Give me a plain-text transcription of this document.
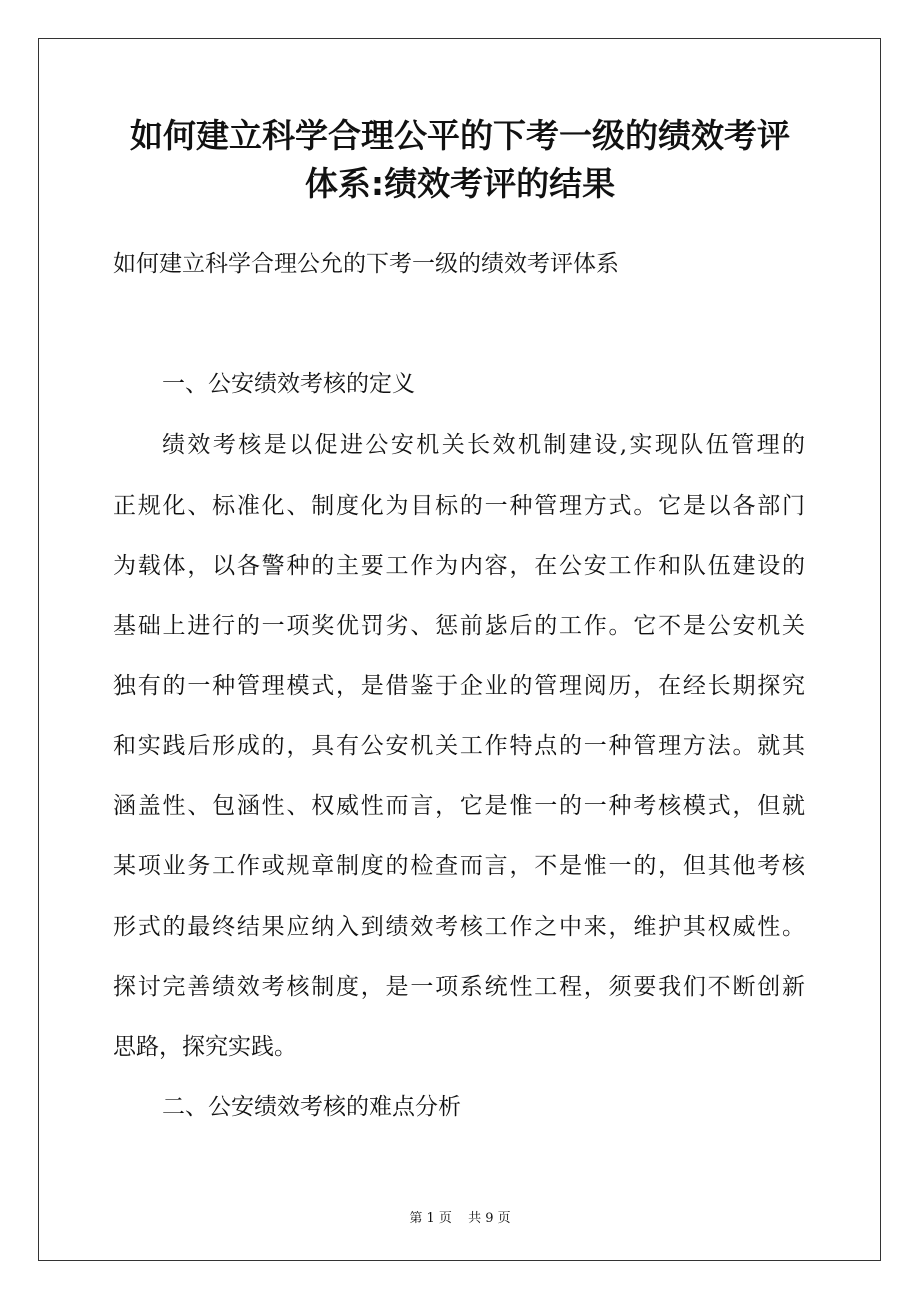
如何建立科学合理公平的下考一级的绩效考评
体系:绩效考评的结果
如何建立科学合理公允的下考一级的绩效考评体系
一、公安绩效考核的定义
绩效考核是以促进公安机关长效机制建设,实现队伍管理的
正规化、标准化、制度化为目标的一种管理方式。它是以各部门
为载体，以各警种的主要工作为内容，在公安工作和队伍建设的
基础上进行的一项奖优罚劣、惩前毖后的工作。它不是公安机关
独有的一种管理模式，是借鉴于企业的管理阅历，在经长期探究
和实践后形成的，具有公安机关工作特点的一种管理方法。就其
涵盖性、包涵性、权威性而言，它是惟一的一种考核模式，但就
某项业务工作或规章制度的检查而言，不是惟一的，但其他考核
形式的最终结果应纳入到绩效考核工作之中来，维护其权威性。
探讨完善绩效考核制度，是一项系统性工程，须要我们不断创新
思路，探究实践。
二、公安绩效考核的难点分析
第 1 页 共 9 页
